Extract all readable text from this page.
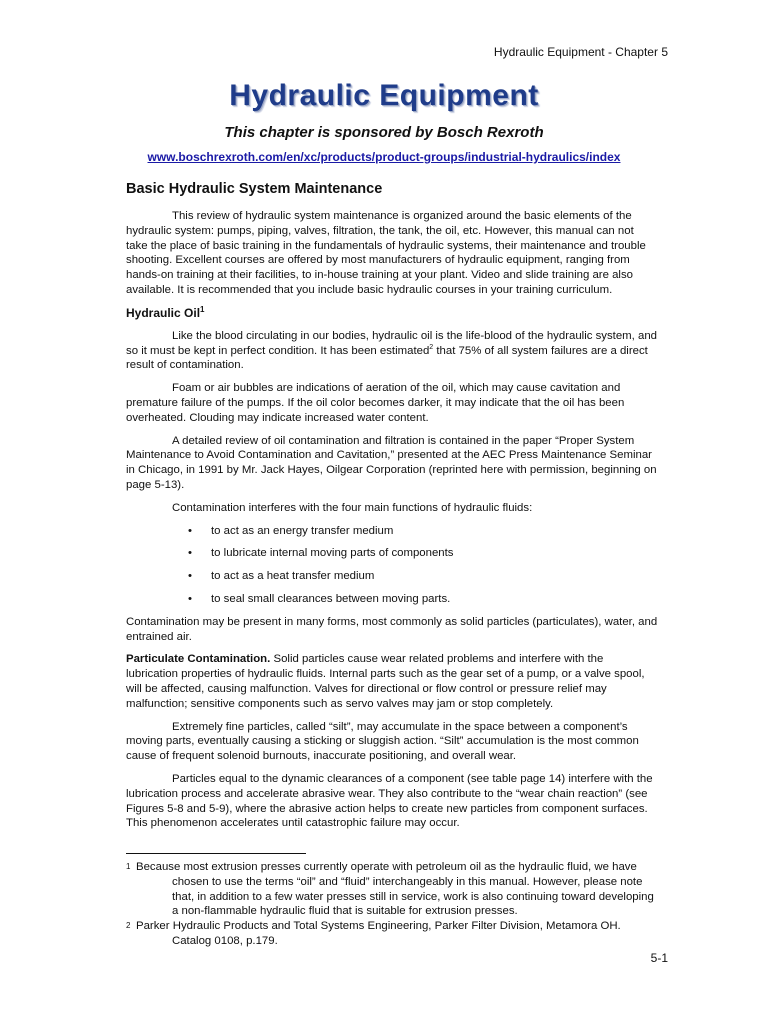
Hydraulic Equipment - Chapter 5
Hydraulic Equipment
This chapter is sponsored by Bosch Rexroth
www.boschrexroth.com/en/xc/products/product-groups/industrial-hydraulics/index
Basic Hydraulic System Maintenance

This review of hydraulic system maintenance is organized around the basic elements of the hydraulic system: pumps, piping, valves, filtration, the tank, the oil, etc. However, this manual can not take the place of basic training in the fundamentals of hydraulic systems, their maintenance and trouble shooting. Excellent courses are offered by most manufacturers of hydraulic equipment, ranging from hands-on training at their facilities, to in-house training at your plant. Video and slide training are also available. It is recommended that you include basic hydraulic courses in your training curriculum.

Hydraulic Oil$^1$

Like the blood circulating in our bodies, hydraulic oil is the life-blood of the hydraulic system, and so it must be kept in perfect condition. It has been estimated$^2$ that 75% of all system failures are a direct result of contamination.

Foam or air bubbles are indications of aeration of the oil, which may cause cavitation and premature failure of the pumps. If the oil color becomes darker, it may indicate that the oil has been overheated. Clouding may indicate increased water content.

A detailed review of oil contamination and filtration is contained in the paper “Proper System Maintenance to Avoid Contamination and Cavitation,” presented at the AEC Press Maintenance Seminar in Chicago, in 1991 by Mr. Jack Hayes, Oilgear Corporation (reprinted here with permission, beginning on page 5-13).

Contamination interferes with the four main functions of hydraulic fluids:

• to act as an energy transfer medium
• to lubricate internal moving parts of components
• to act as a heat transfer medium
• to seal small clearances between moving parts.

Contamination may be present in many forms, most commonly as solid particles (particulates), water, and entrained air.

Particulate Contamination. Solid particles cause wear related problems and interfere with the lubrication properties of hydraulic fluids. Internal parts such as the gear set of a pump, or a valve spool, will be affected, causing malfunction. Valves for directional or flow control or pressure relief may malfunction; sensitive components such as servo valves may jam or stop completely.

Extremely fine particles, called “silt”, may accumulate in the space between a component’s moving parts, eventually causing a sticking or sluggish action. “Silt” accumulation is the most common cause of frequent solenoid burnouts, inaccurate positioning, and overall wear.

Particles equal to the dynamic clearances of a component (see table page 14) interfere with the lubrication process and accelerate abrasive wear. They also contribute to the “wear chain reaction” (see Figures 5-8 and 5-9), where the abrasive action helps to create new particles from component surfaces. This phenomenon accelerates until catastrophic failure may occur.

1 Because most extrusion presses currently operate with petroleum oil as the hydraulic fluid, we have chosen to use the terms “oil” and “fluid” interchangeably in this manual. However, please note that, in addition to a few water presses still in service, work is also continuing toward developing a non-flammable hydraulic fluid that is suitable for extrusion presses.

2 Parker Hydraulic Products and Total Systems Engineering, Parker Filter Division, Metamora OH. Catalog 0108, p.179.

5-1
